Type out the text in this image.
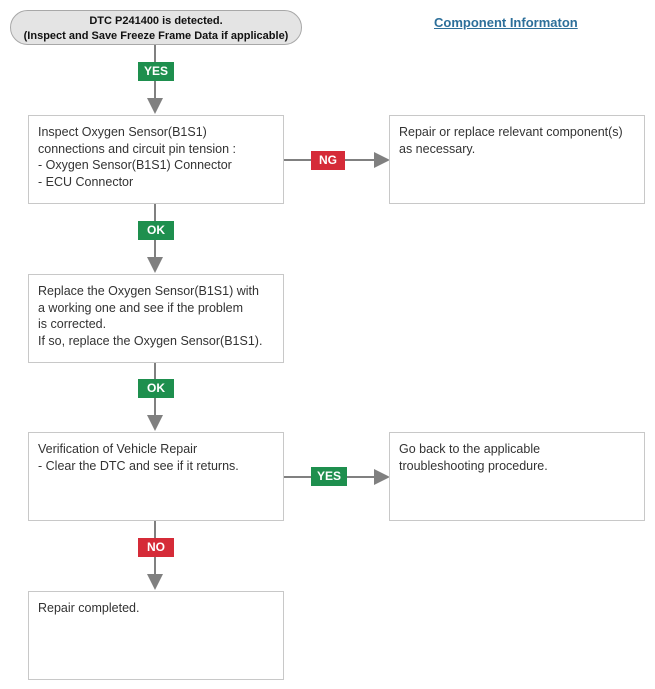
DTC P241400 is detected.
(Inspect and Save Freeze Frame Data if applicable)
Component Informaton
Inspect Oxygen Sensor(B1S1)
connections and circuit pin tension :
- Oxygen Sensor(B1S1) Connector
- ECU Connector
Repair or replace relevant component(s)
as necessary.
Replace the Oxygen Sensor(B1S1) with
a working one and see if the problem
is corrected.
If so, replace the Oxygen Sensor(B1S1).
Verification of Vehicle Repair
- Clear the DTC and see if it returns.
Go back to the applicable
troubleshooting procedure.
Repair completed.
YES
NG
OK
OK
YES
NO
